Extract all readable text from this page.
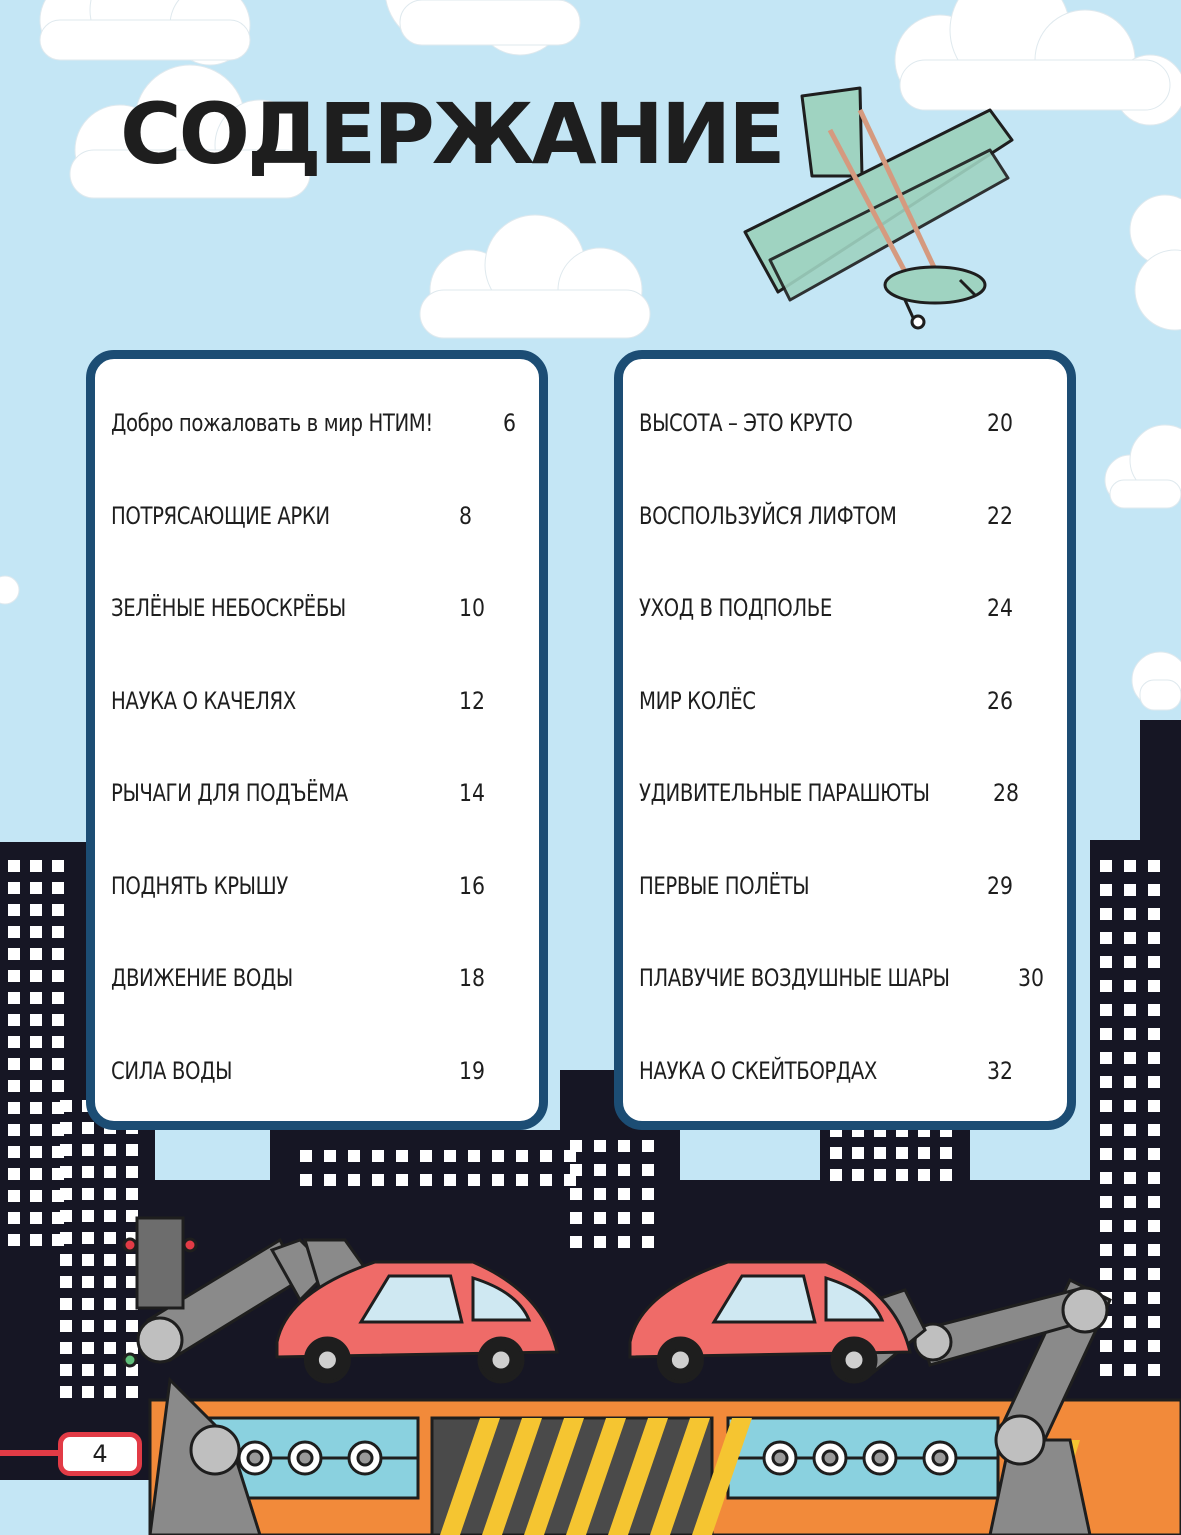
СОДЕРЖАНИЕ
Добро пожаловать в мир НТИМ!	6
ПОТРЯСАЮЩИЕ АРКИ	8
ЗЕЛЁНЫЕ НЕБОСКРЁБЫ	10
НАУКА О КАЧЕЛЯХ	12
РЫЧАГИ ДЛЯ ПОДЪЁМА	14
ПОДНЯТЬ КРЫШУ	16
ДВИЖЕНИЕ ВОДЫ	18
СИЛА ВОДЫ	19
ВЫСОТА – ЭТО КРУТО	20
ВОСПОЛЬЗУЙСЯ ЛИФТОМ	22
УХОД В ПОДПОЛЬЕ	24
МИР КОЛЁС	26
УДИВИТЕЛЬНЫЕ ПАРАШЮТЫ	28
ПЕРВЫЕ ПОЛЁТЫ	29
ПЛАВУЧИЕ ВОЗДУШНЫЕ ШАРЫ	30
НАУКА О СКЕЙТБОРДАХ	32
4
